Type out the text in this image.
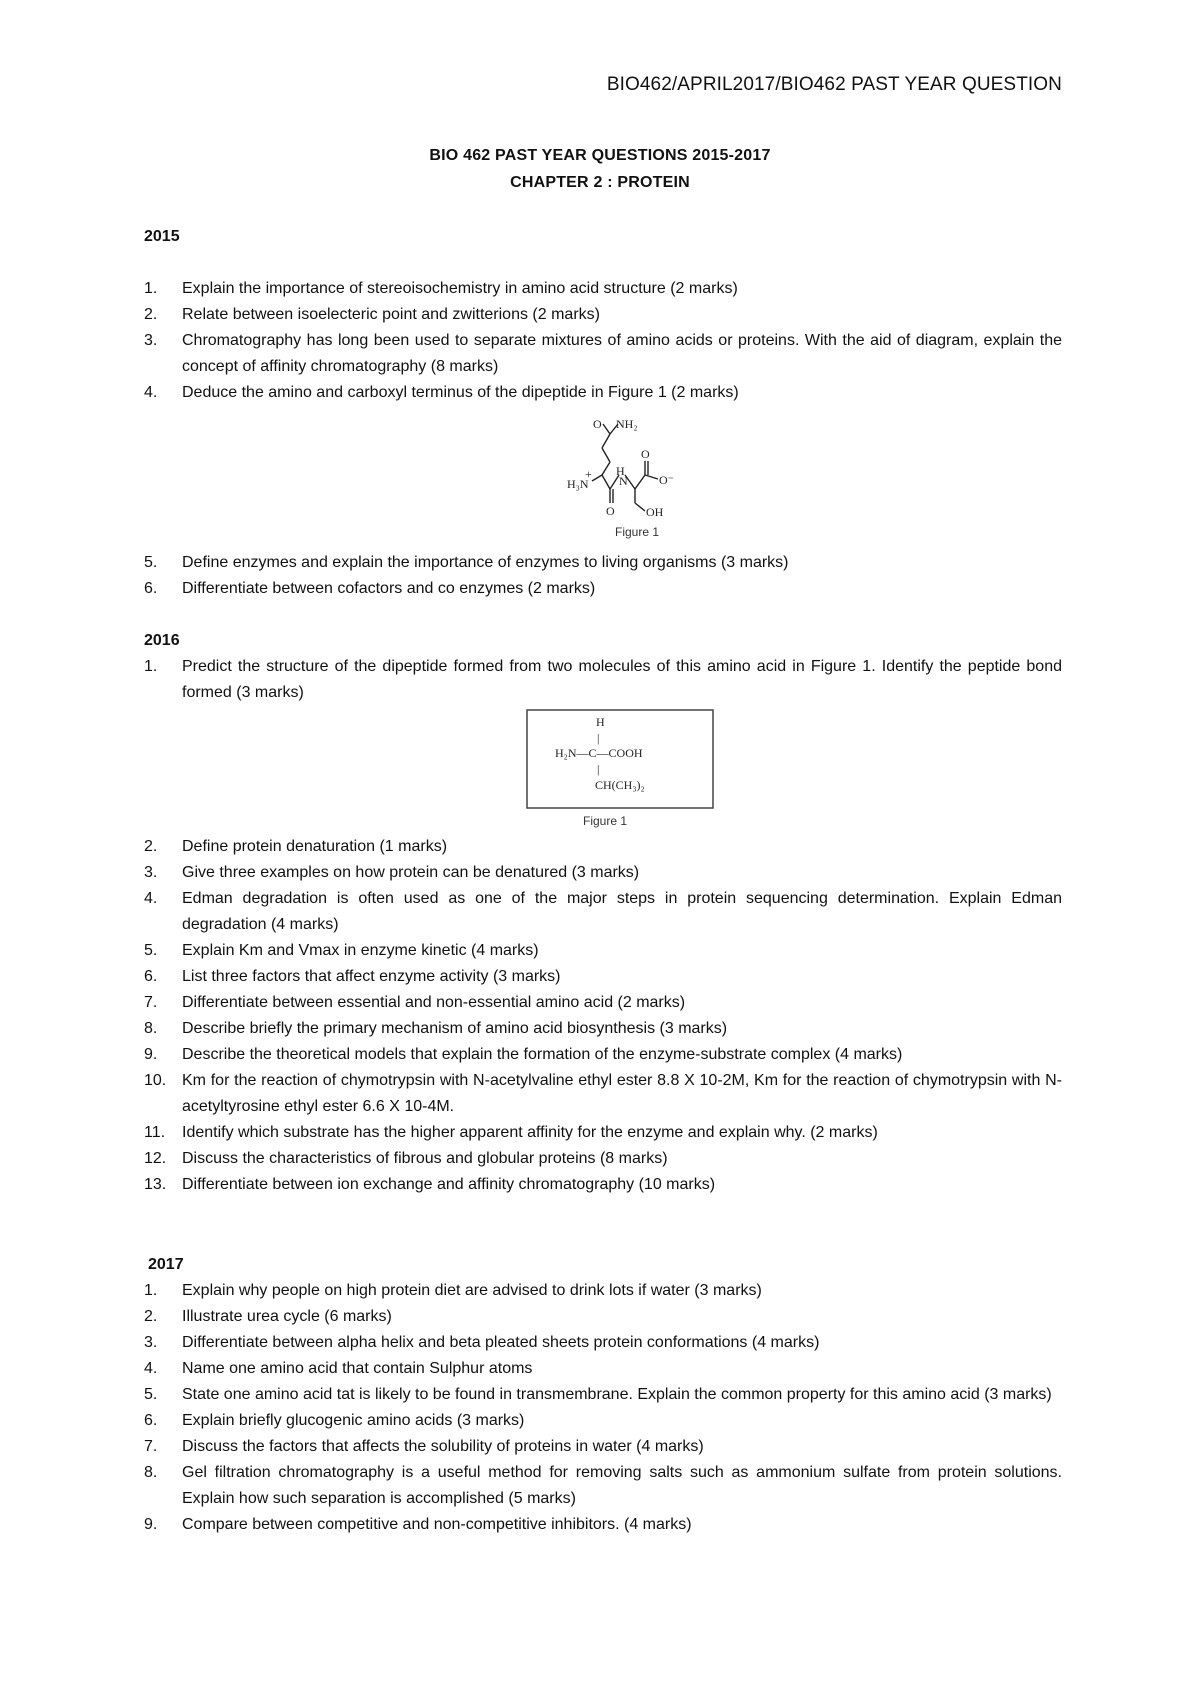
BIO462/APRIL2017/BIO462 PAST YEAR QUESTION
BIO 462 PAST YEAR QUESTIONS 2015-2017
CHAPTER 2 : PROTEIN
2015
1. Explain the importance of stereoisochemistry in amino acid structure (2 marks)
2. Relate between isoelecteric point and zwitterions (2 marks)
3. Chromatography has long been used to separate mixtures of amino acids or proteins. With the aid of diagram, explain the concept of affinity chromatography (8 marks)
4. Deduce the amino and carboxyl terminus of the dipeptide in Figure 1 (2 marks)
O NH₂
H₃N
+ H
N
O
O
O⁻
OH
Figure 1
5. Define enzymes and explain the importance of enzymes to living organisms (3 marks)
6. Differentiate between cofactors and co enzymes (2 marks)
2016
1. Predict the structure of the dipeptide formed from two molecules of this amino acid in Figure 1. Identify the peptide bond formed (3 marks)
H
|
H₂N—C—COOH
|
CH(CH₃)₂
Figure 1
2. Define protein denaturation (1 marks)
3. Give three examples on how protein can be denatured (3 marks)
4. Edman degradation is often used as one of the major steps in protein sequencing determination. Explain Edman degradation (4 marks)
5. Explain Km and Vmax in enzyme kinetic (4 marks)
6. List three factors that affect enzyme activity (3 marks)
7. Differentiate between essential and non-essential amino acid (2 marks)
8. Describe briefly the primary mechanism of amino acid biosynthesis (3 marks)
9. Describe the theoretical models that explain the formation of the enzyme-substrate complex (4 marks)
10. Km for the reaction of chymotrypsin with N-acetylvaline ethyl ester 8.8 X 10-2M, Km for the reaction of chymotrypsin with N-acetyltyrosine ethyl ester 6.6 X 10-4M.
11. Identify which substrate has the higher apparent affinity for the enzyme and explain why. (2 marks)
12. Discuss the characteristics of fibrous and globular proteins (8 marks)
13. Differentiate between ion exchange and affinity chromatography (10 marks)
2017
1. Explain why people on high protein diet are advised to drink lots if water (3 marks)
2. Illustrate urea cycle (6 marks)
3. Differentiate between alpha helix and beta pleated sheets protein conformations (4 marks)
4. Name one amino acid that contain Sulphur atoms
5. State one amino acid tat is likely to be found in transmembrane. Explain the common property for this amino acid (3 marks)
6. Explain briefly glucogenic amino acids (3 marks)
7. Discuss the factors that affects the solubility of proteins in water (4 marks)
8. Gel filtration chromatography is a useful method for removing salts such as ammonium sulfate from protein solutions. Explain how such separation is accomplished (5 marks)
9. Compare between competitive and non-competitive inhibitors. (4 marks)
